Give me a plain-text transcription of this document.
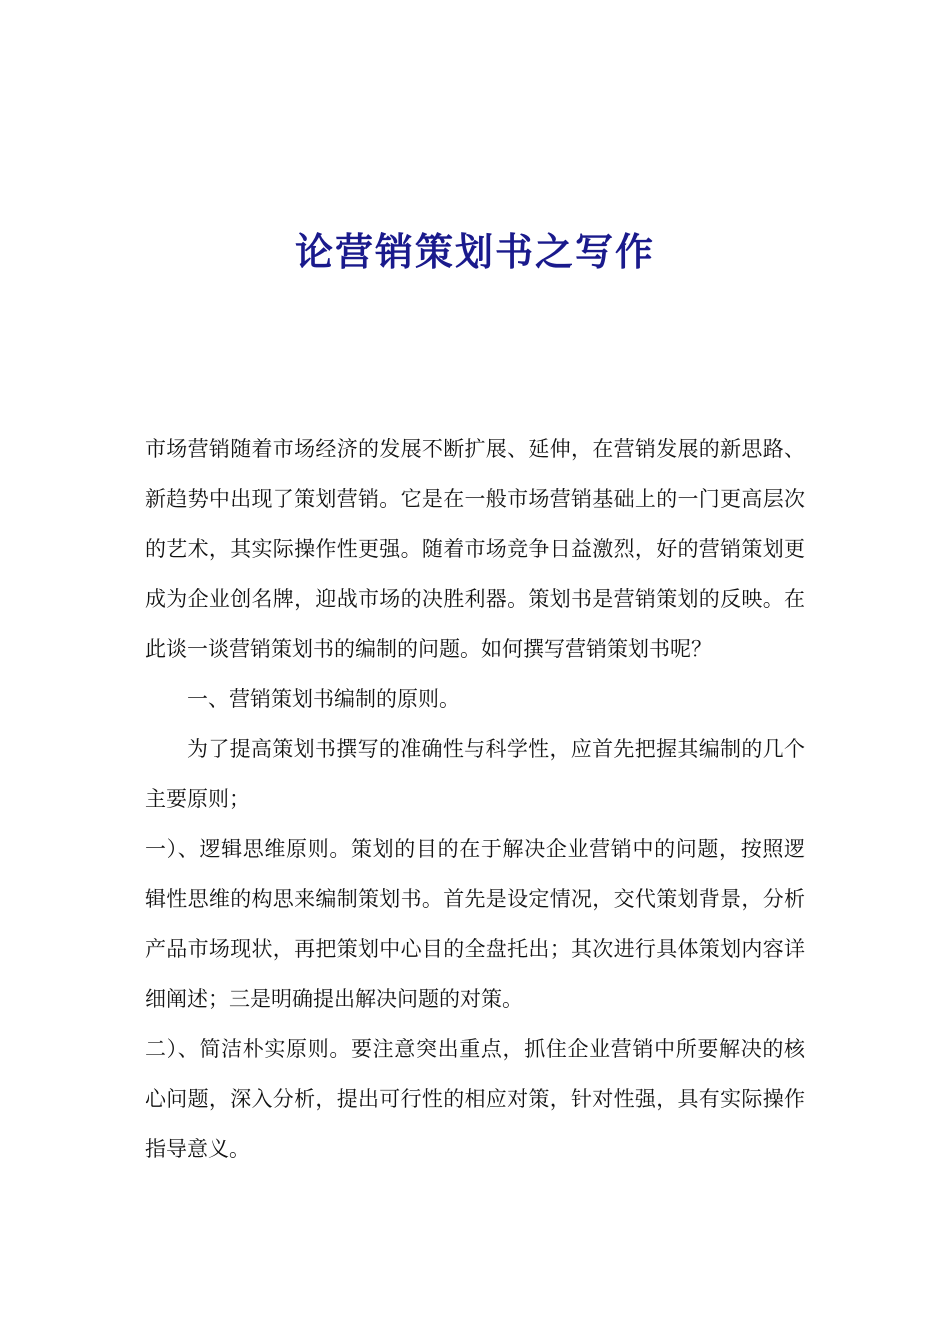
论营销策划书之写作

市场营销随着市场经济的发展不断扩展、延伸，在营销发展的新思路、新趋势中出现了策划营销。它是在一般市场营销基础上的一门更高层次的艺术，其实际操作性更强。随着市场竞争日益激烈，好的营销策划更成为企业创名牌，迎战市场的决胜利器。策划书是营销策划的反映。在此谈一谈营销策划书的编制的问题。如何撰写营销策划书呢？

一、营销策划书编制的原则。

为了提高策划书撰写的准确性与科学性，应首先把握其编制的几个主要原则；

一）、逻辑思维原则。策划的目的在于解决企业营销中的问题，按照逻辑性思维的构思来编制策划书。首先是设定情况，交代策划背景，分析产品市场现状，再把策划中心目的全盘托出；其次进行具体策划内容详细阐述；三是明确提出解决问题的对策。

二）、简洁朴实原则。要注意突出重点，抓住企业营销中所要解决的核心问题，深入分析，提出可行性的相应对策，针对性强，具有实际操作指导意义。
